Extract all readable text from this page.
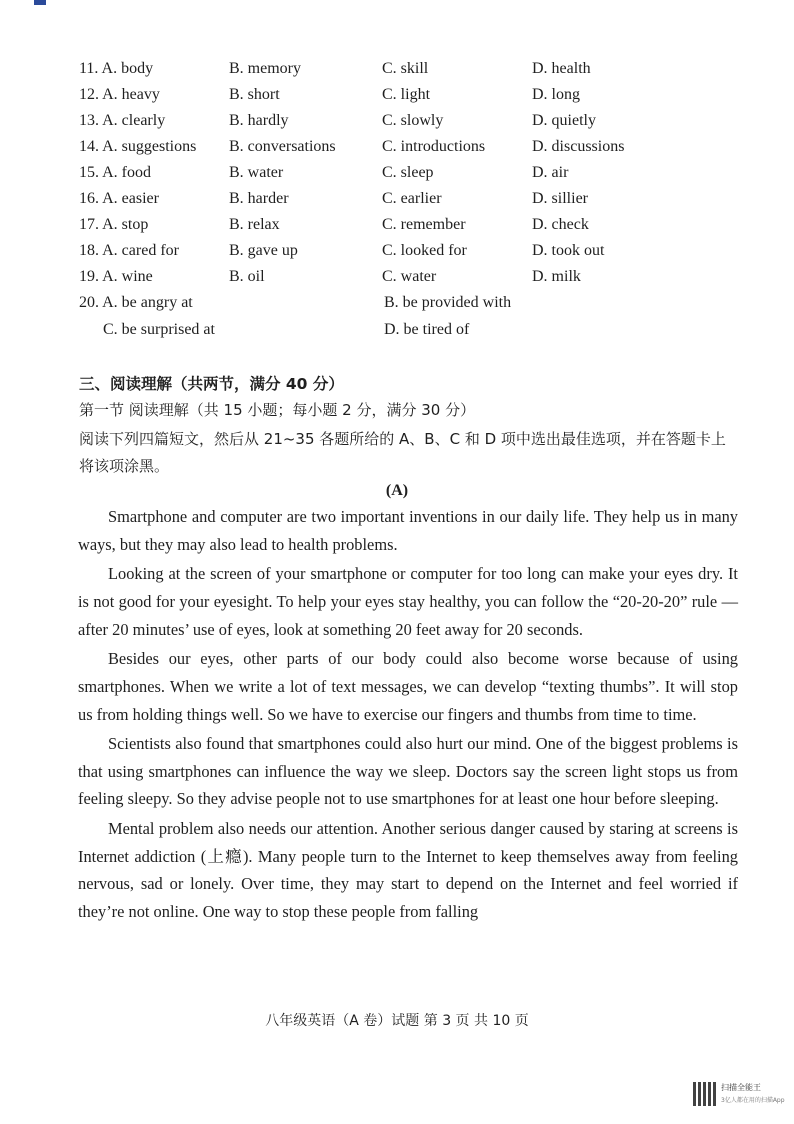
11. A. body	B. memory	C. skill	D. health
12. A. heavy	B. short	C. light	D. long
13. A. clearly	B. hardly	C. slowly	D. quietly
14. A. suggestions B. conversations	C. introductions	D. discussions
15. A. food	B. water	C. sleep	D. air
16. A. easier	B. harder	C. earlier	D. sillier
17. A. stop	B. relax	C. remember	D. check
18. A. cared for	B. gave up	C. looked for	D. took out
19. A. wine	B. oil	C. water	D. milk
20. A. be angry at	B. be provided with
C. be surprised at	D. be tired of
三、阅读理解（共两节，满分 40 分）
第一节 阅读理解（共 15 小题；每小题 2 分，满分 30 分）
阅读下列四篇短文，然后从 21~35 各题所给的 A、B、C 和 D 项中选出最佳选项，并在答题卡上将该项涂黑。
(A)

Smartphone and computer are two important inventions in our daily life. They help us in many ways, but they may also lead to health problems.

Looking at the screen of your smartphone or computer for too long can make your eyes dry. It is not good for your eyesight. To help your eyes stay healthy, you can follow the “20-20-20” rule — after 20 minutes’ use of eyes, look at something 20 feet away for 20 seconds.

Besides our eyes, other parts of our body could also become worse because of using smartphones. When we write a lot of text messages, we can develop “texting thumbs”. It will stop us from holding things well. So we have to exercise our fingers and thumbs from time to time.

Scientists also found that smartphones could also hurt our mind. One of the biggest problems is that using smartphones can influence the way we sleep. Doctors say the screen light stops us from feeling sleepy. So they advise people not to use smartphones for at least one hour before sleeping.

Mental problem also needs our attention. Another serious danger caused by staring at screens is Internet addiction (上瘾). Many people turn to the Internet to keep themselves away from feeling nervous, sad or lonely. Over time, they may start to depend on the Internet and feel worried if they’re not online. One way to stop these people from falling

八年级英语（A 卷）试题 第 3 页 共 10 页
扫描全能王
3亿人都在用的扫描App
